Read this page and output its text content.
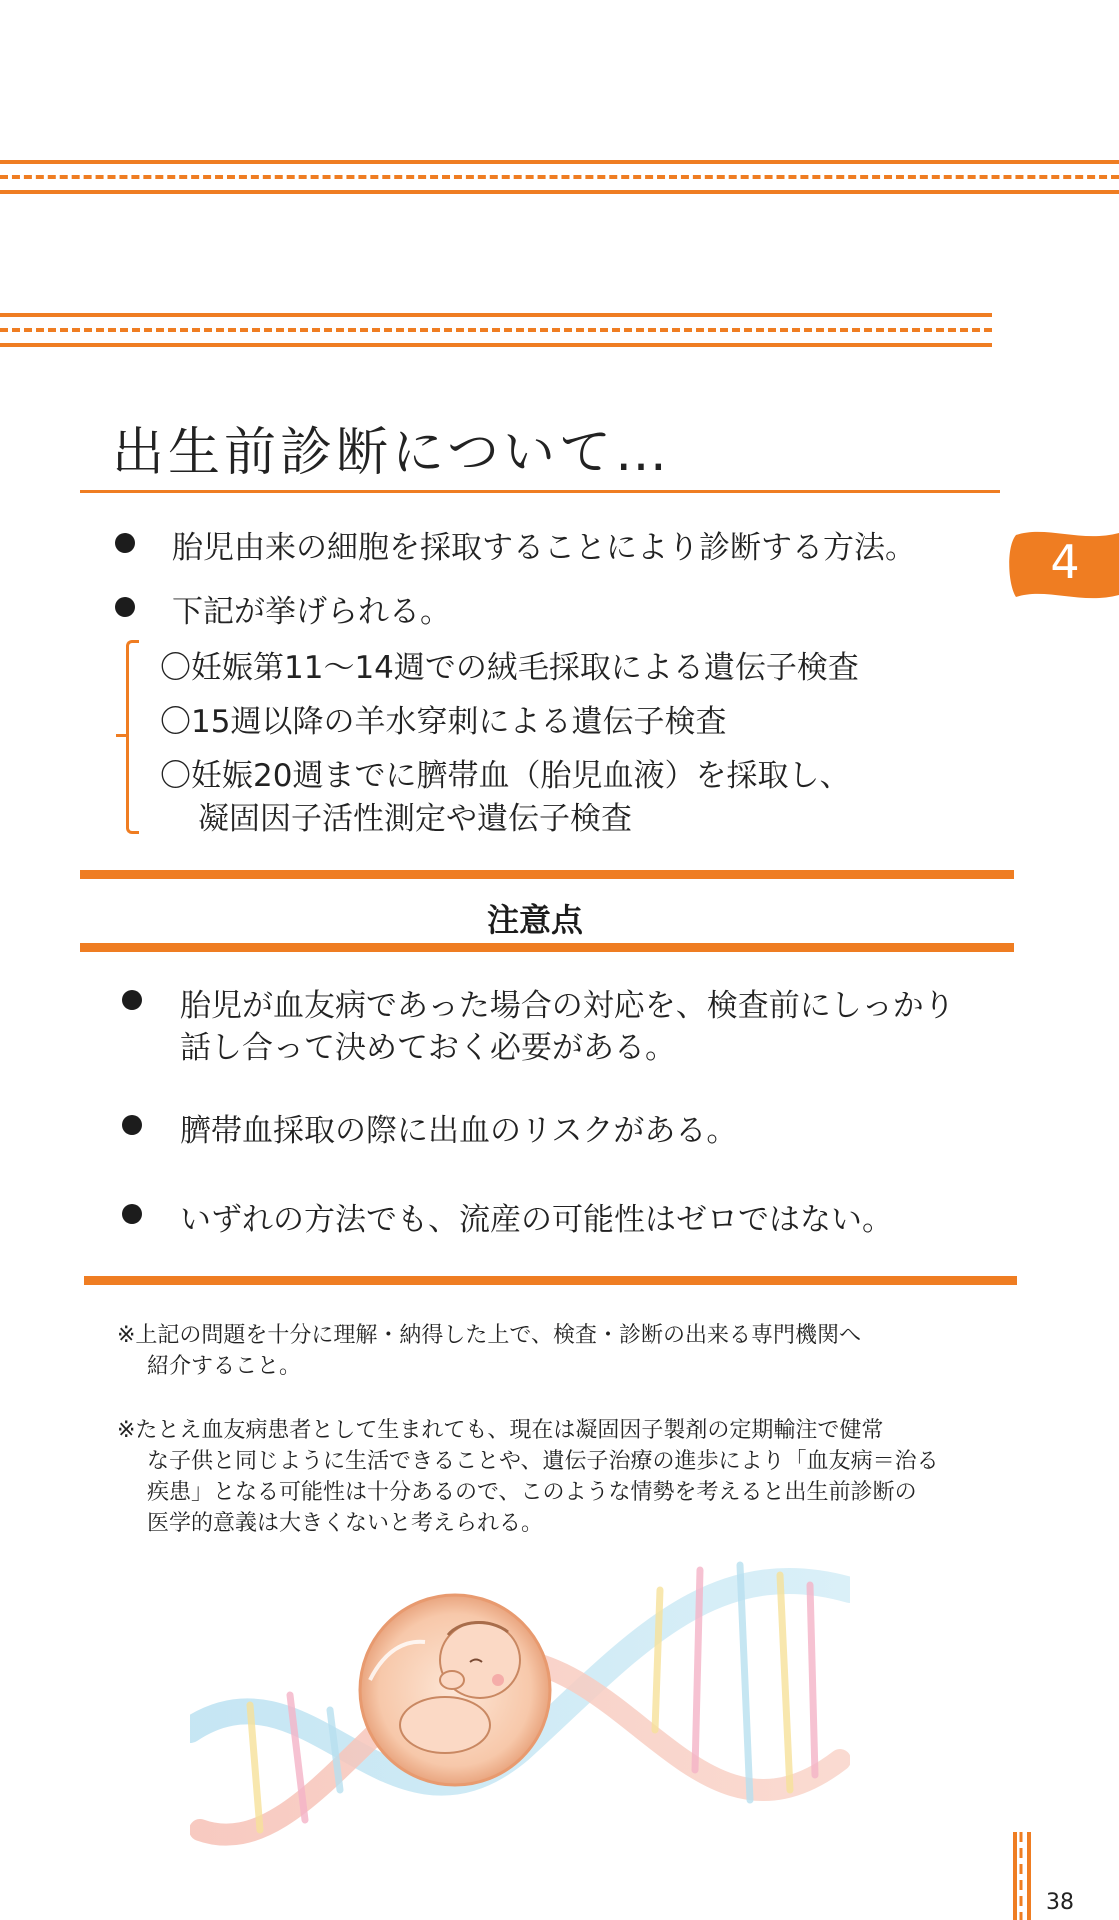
出生前診断について…
4
胎児由来の細胞を採取することにより診断する方法。
下記が挙げられる。
〇妊娠第11～14週での絨毛採取による遺伝子検査
〇15週以降の羊水穿刺による遺伝子検査
〇妊娠20週までに臍帯血（胎児血液）を採取し、
凝固因子活性測定や遺伝子検査
注意点
胎児が血友病であった場合の対応を、検査前にしっかり
話し合って決めておく必要がある。
臍帯血採取の際に出血のリスクがある。
いずれの方法でも、流産の可能性はゼロではない。
※上記の問題を十分に理解・納得した上で、検査・診断の出来る専門機関へ
紹介すること。
※たとえ血友病患者として生まれても、現在は凝固因子製剤の定期輸注で健常
な子供と同じように生活できることや、遺伝子治療の進歩により「血友病＝治る
疾患」となる可能性は十分あるので、このような情勢を考えると出生前診断の
医学的意義は大きくないと考えられる。
38
